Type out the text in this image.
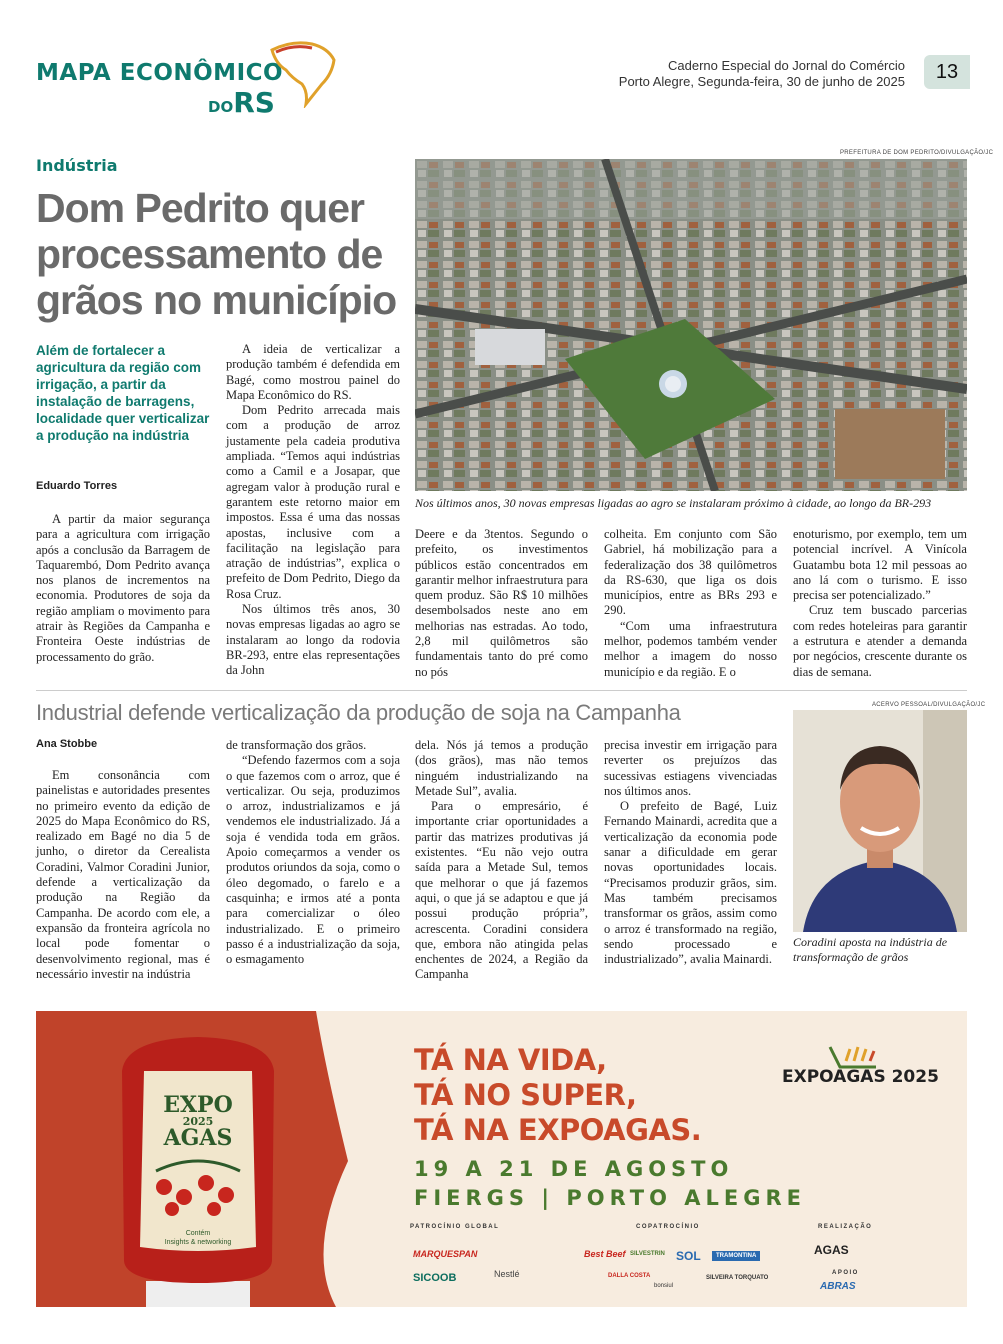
MAPA ECONÔMICO
DORS
Caderno Especial do Jornal do Comércio
Porto Alegre, Segunda-feira, 30 de junho de 2025	13
Indústria
Dom Pedrito quer processamento de grãos no município
Além de fortalecer a agricultura da região com irrigação, a partir da instalação de barragens, localidade quer verticalizar a produção na indústria
Eduardo Torres

A partir da maior segurança para a agricultura com irrigação após a conclusão da Barragem de Taquarembó, Dom Pedrito avança nos planos de incrementos na economia. Produtores de soja da região ampliam o movimento para atrair às Regiões da Campanha e Fronteira Oeste indústrias de processamento do grão.

A ideia de verticalizar a produção também é defendida em Bagé, como mostrou painel do Mapa Econômico do RS.

Dom Pedrito arrecada mais com a produção de arroz justamente pela cadeia produtiva ampliada. “Temos aqui indústrias como a Camil e a Josapar, que agregam valor à produção rural e garantem este retorno maior em impostos. Essa é uma das nossas apostas, inclusive com a facilitação na legislação para atração de indústrias”, explica o prefeito de Dom Pedrito, Diego da Rosa Cruz.

Nos últimos três anos, 30 novas empresas ligadas ao agro se instalaram ao longo da rodovia BR-293, entre elas representações da John

PREFEITURA DE DOM PEDRITO/DIVULGAÇÃO/JC
Nos últimos anos, 30 novas empresas ligadas ao agro se instalaram próximo à cidade, ao longo da BR-293

Deere e da 3tentos. Segundo o prefeito, os investimentos públicos estão concentrados em garantir melhor infraestrutura para quem produz. São R$ 10 milhões desembolsados neste ano em melhorias nas estradas. Ao todo, 2,8 mil quilômetros são fundamentais tanto do pré como no pós

colheita. Em conjunto com São Gabriel, há mobilização para a federalização dos 38 quilômetros da RS-630, que liga os dois municípios, entre as BRs 293 e 290.

“Com uma infraestrutura melhor, podemos também vender melhor a imagem do nosso município e da região. E o

enoturismo, por exemplo, tem um potencial incrível. A Vinícola Guatambu bota 12 mil pessoas ao ano lá com o turismo. E isso precisa ser potencializado.”

Cruz tem buscado parcerias com redes hoteleiras para garantir a estrutura e atender a demanda por negócios, crescente durante os dias de semana.

Industrial defende verticalização da produção de soja na Campanha
Ana Stobbe

Em consonância com painelistas e autoridades presentes no primeiro evento da edição de 2025 do Mapa Econômico do RS, realizado em Bagé no dia 5 de junho, o diretor da Cerealista Coradini, Valmor Coradini Junior, defende a verticalização da produção na Região da Campanha. De acordo com ele, a expansão da fronteira agrícola no local pode fomentar o desenvolvimento regional, mas é necessário investir na indústria

de transformação dos grãos.

“Defendo fazermos com a soja o que fazemos com o arroz, que é verticalizar. Ou seja, produzimos o arroz, industrializamos e já vendemos ele industrializado. Já a soja é vendida toda em grãos. Apoio começarmos a vender os produtos oriundos da soja, como o óleo degomado, o farelo e a casquinha; e irmos até a ponta para comercializar o óleo industrializado. E o primeiro passo é a industrialização da soja, o esmagamento

dela. Nós já temos a produção (dos grãos), mas não temos ninguém industrializando na Metade Sul”, avalia.

Para o empresário, é importante criar oportunidades a partir das matrizes produtivas já existentes. “Eu não vejo outra saída para a Metade Sul, temos que melhorar o que já fazemos aqui, o que já se adaptou e que já possui produção própria”, acrescenta. Coradini considera que, embora não atingida pelas enchentes de 2024, a Região da Campanha

precisa investir em irrigação para reverter os prejuízos das sucessivas estiagens vivenciadas nos últimos anos.

O prefeito de Bagé, Luiz Fernando Mainardi, acredita que a verticalização da economia pode sanar a dificuldade em gerar novas oportunidades locais. “Precisamos produzir grãos, sim. Mas também precisamos transformar os grãos, assim como o arroz é transformado na região, sendo processado e industrializado”, avalia Mainardi.

ACERVO PESSOAL/DIVULGAÇÃO/JC
Coradini aposta na indústria de transformação de grãos
EXPO
2025
AGAS
Contém
Insights & networking
TÁ NA VIDA,
TÁ NO SUPER,
TÁ NA EXPOAGAS.
19 A 21 DE AGOSTO
FIERGS | PORTO ALEGRE
EXPOAGAS 2025
PATROCÍNIO GLOBAL	COPATROCÍNIO	REALIZAÇÃO
APOIO
MARQUESPAN
SICOOB	Nestlé
Best Beef SILVESTRIN SOL	TRAMONTINA
DALLA COSTA
bonsiul
SILVEIRA TORQUATO
AGAS
ABRAS
